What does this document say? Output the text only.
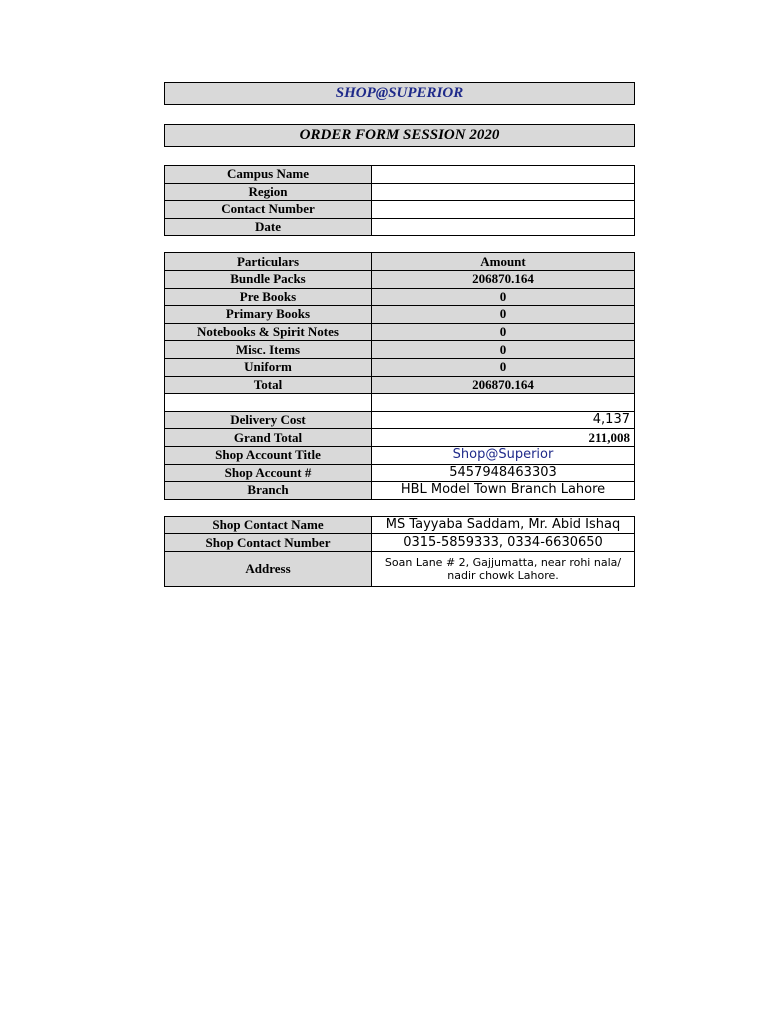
SHOP@SUPERIOR
ORDER FORM SESSION 2020
Campus Name	
Region	
Contact Number	
Date	
Particulars	Amount
Bundle Packs	206870.164
Pre Books	0
Primary Books	0
Notebooks & Spirit Notes	0
Misc. Items	0
Uniform	0
Total	206870.164

Delivery Cost	4,137
Grand Total	211,008
Shop Account Title	Shop@Superior
Shop Account #	5457948463303
Branch	HBL Model Town Branch Lahore
Shop Contact Name	MS Tayyaba Saddam, Mr. Abid Ishaq
Shop Contact Number	0315-5859333, 0334-6630650
Address	Soan Lane # 2, Gajjumatta, near rohi nala/ nadir chowk Lahore.
